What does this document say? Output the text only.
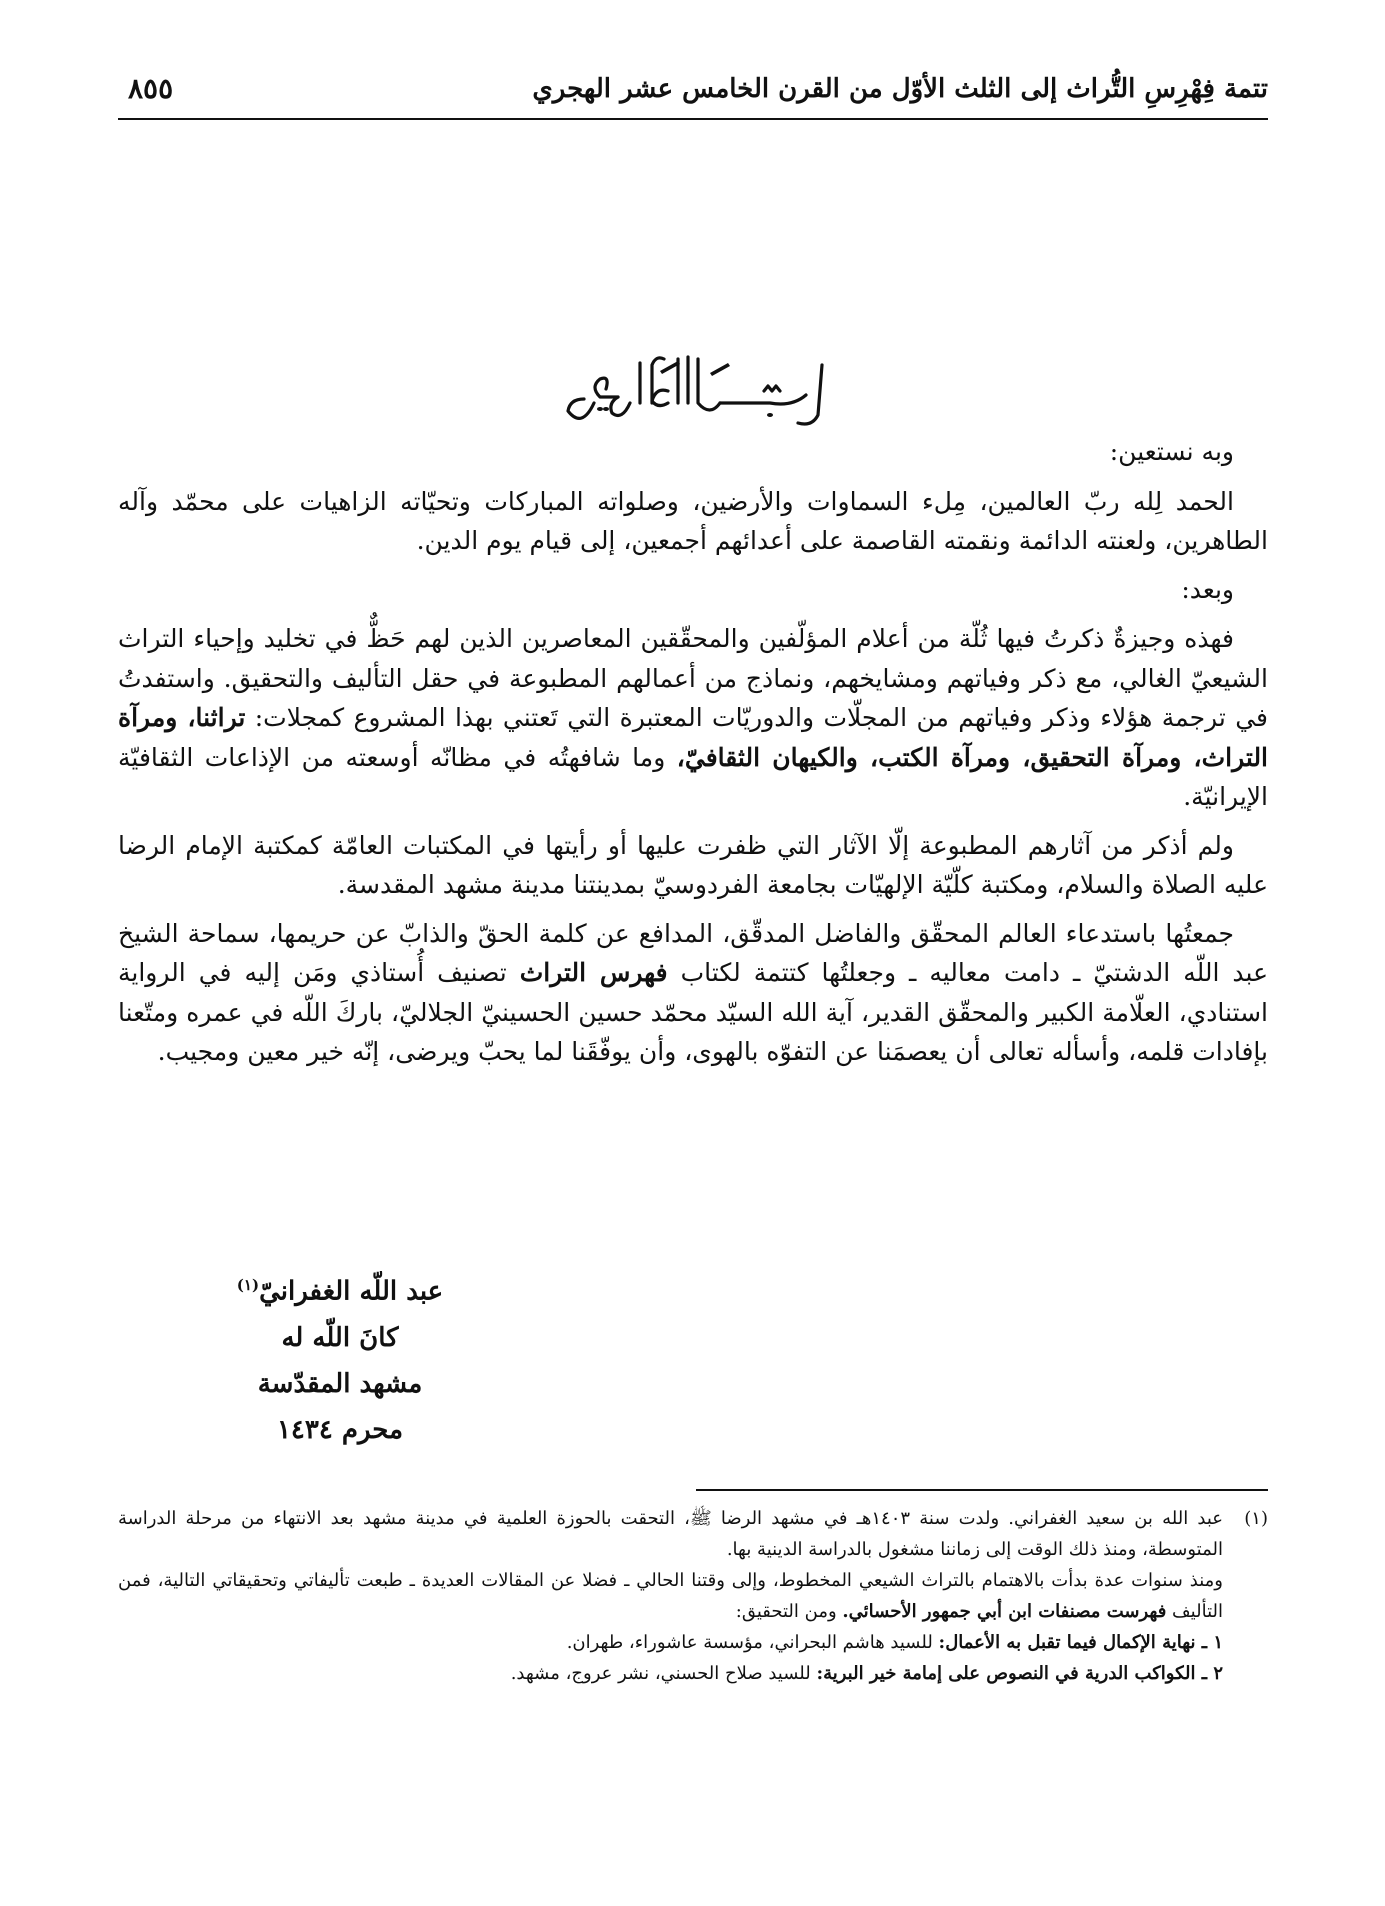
تتمة فِهْرِسِ التُّراث إلى الثلث الأوّل من القرن الخامس عشر الهجري
٨٥٥

وبه نستعين:

الحمد لِله ربّ العالمين، مِلء السماوات والأرضين، وصلواته المباركات وتحيّاته الزاهيات على محمّد وآله الطاهرين، ولعنته الدائمة ونقمته القاصمة على أعدائهم أجمعين، إلى قيام يوم الدين.

وبعد:

فهذه وجيزةٌ ذكرتُ فيها ثُلّة من أعلام المؤلّفين والمحقّقين المعاصرين الذين لهم حَظٌّ في تخليد وإحياء التراث الشيعيّ الغالي، مع ذكر وفياتهم ومشايخهم، ونماذج من أعمالهم المطبوعة في حقل التأليف والتحقيق. واستفدتُ في ترجمة هؤلاء وذكر وفياتهم من المجلّات والدوريّات المعتبرة التي تَعتني بهذا المشروع كمجلات: تراثنا، ومرآة التراث، ومرآة التحقيق، ومرآة الكتب، والكيهان الثقافيّ، وما شافهتُه في مظانّه أوسعته من الإذاعات الثقافيّة الإيرانيّة.

ولم أذكر من آثارهم المطبوعة إلّا الآثار التي ظفرت عليها أو رأيتها في المكتبات العامّة كمكتبة الإمام الرضا عليه الصلاة والسلام، ومكتبة كلّيّة الإلهيّات بجامعة الفردوسيّ بمدينتنا مدينة مشهد المقدسة.

جمعتُها باستدعاء العالم المحقّق والفاضل المدقّق، المدافع عن كلمة الحقّ والذابّ عن حريمها، سماحة الشيخ عبد اللّه الدشتيّ ـ دامت معاليه ـ وجعلتُها كتتمة لكتاب فهرس التراث تصنيف أُستاذي ومَن إليه في الرواية استنادي، العلّامة الكبير والمحقّق القدير، آية الله السيّد محمّد حسين الحسينيّ الجلاليّ، باركَ اللّه في عمره ومتّعنا بإفادات قلمه، وأسأله تعالى أن يعصمَنا عن التفوّه بالهوى، وأن يوفّقَنا لما يحبّ ويرضى، إنّه خير معين ومجيب.

عبد اللّه الغفرانيّ$^{(١)}$
كانَ اللّه له
مشهد المقدّسة
محرم ١٤٣٤
(١)

عبد الله بن سعيد الغفراني. ولدت سنة ١٤٠٣هـ في مشهد الرضا ﷺ، التحقت بالحوزة العلمية في مدينة مشهد بعد الانتهاء من مرحلة الدراسة المتوسطة، ومنذ ذلك الوقت إلى زماننا مشغول بالدراسة الدينية بها.

ومنذ سنوات عدة بدأت بالاهتمام بالتراث الشيعي المخطوط، وإلى وقتنا الحالي ـ فضلا عن المقالات العديدة ـ طبعت تأليفاتي وتحقيقاتي التالية، فمن التأليف فهرست مصنفات ابن أبي جمهور الأحسائي. ومن التحقيق:

١ ـ نهاية الإكمال فيما تقبل به الأعمال: للسيد هاشم البحراني، مؤسسة عاشوراء، طهران.

٢ ـ الكواكب الدرية في النصوص على إمامة خير البرية: للسيد صلاح الحسني، نشر عروج، مشهد.
